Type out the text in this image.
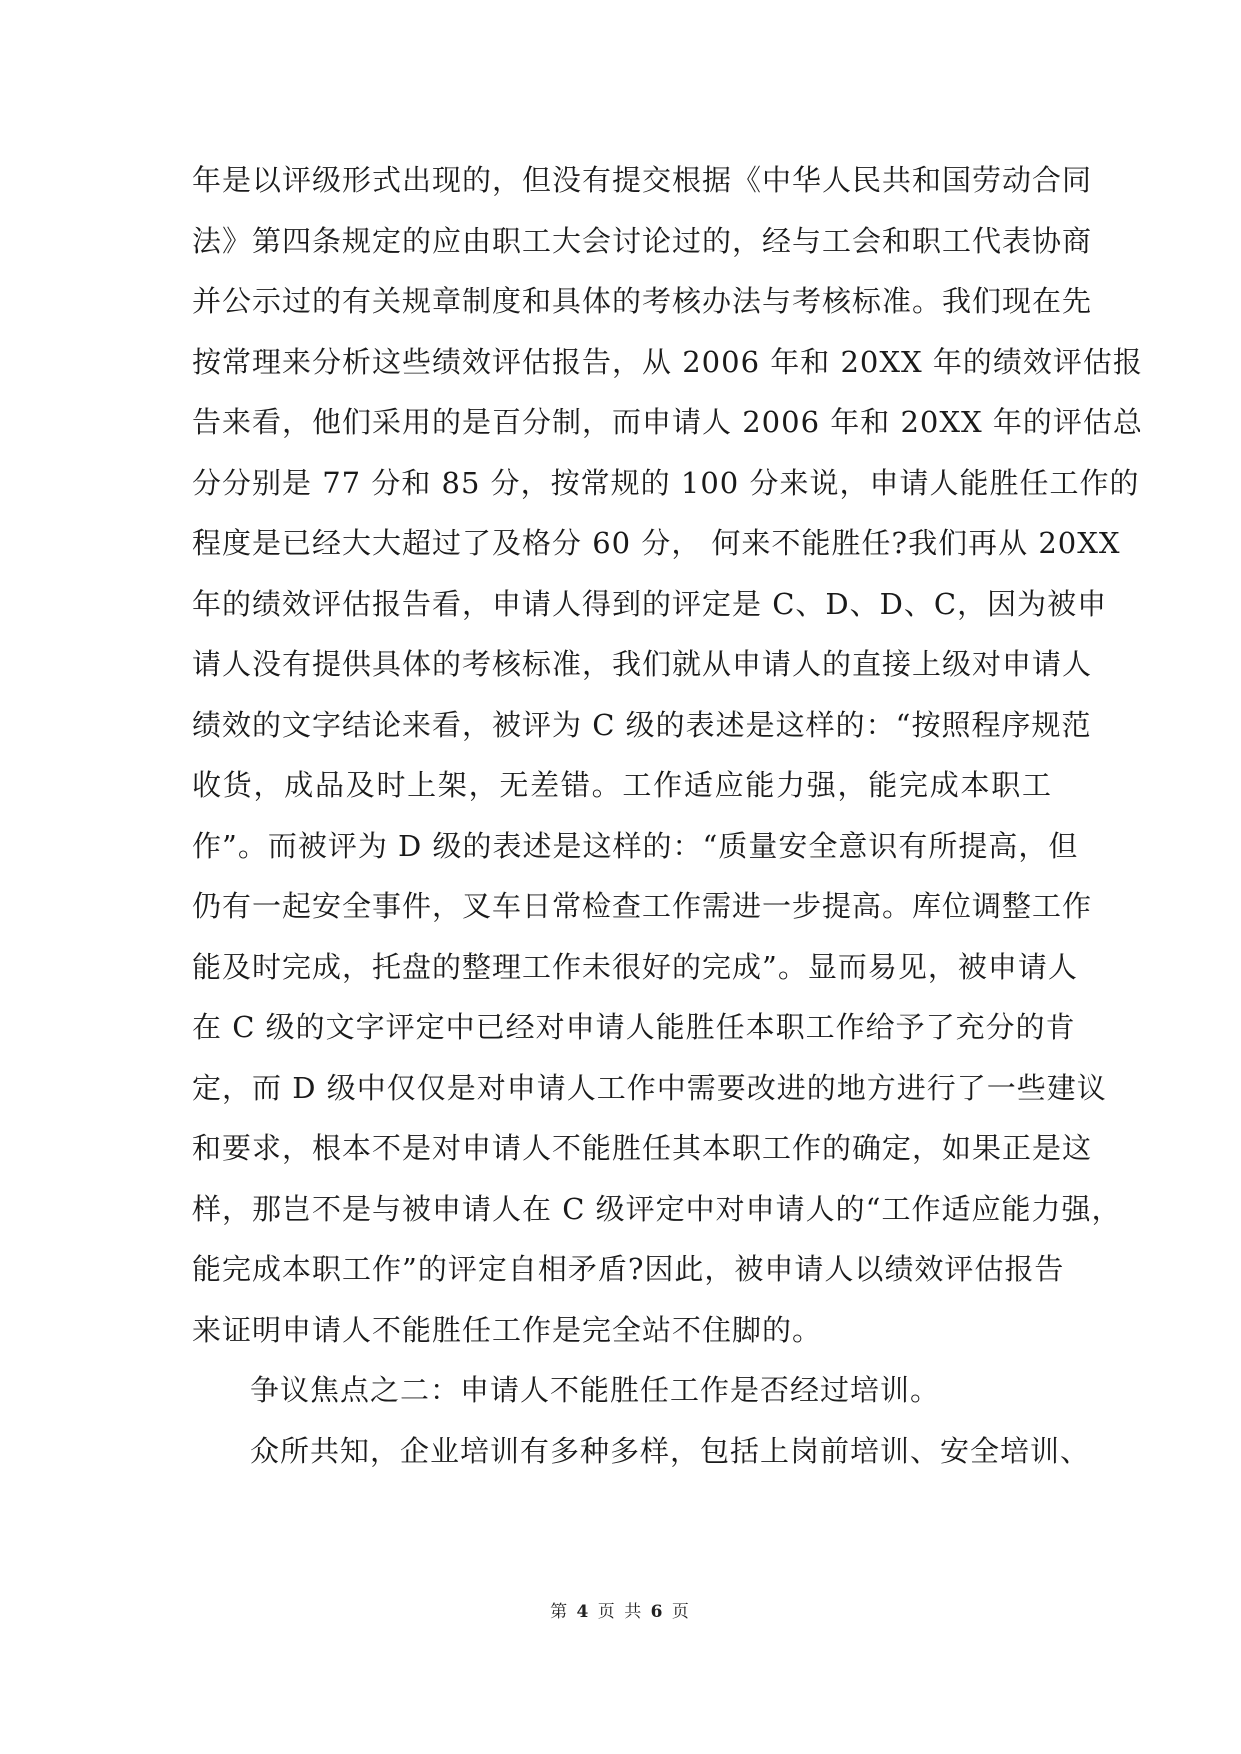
年是以评级形式出现的，但没有提交根据《中华人民共和国劳动合同
法》第四条规定的应由职工大会讨论过的，经与工会和职工代表协商
并公示过的有关规章制度和具体的考核办法与考核标准。我们现在先
按常理来分析这些绩效评估报告，从 2006 年和 20XX 年的绩效评估报
告来看，他们采用的是百分制，而申请人 2006 年和 20XX 年的评估总
分分别是 77 分和 85 分，按常规的 100 分来说，申请人能胜任工作的
程度是已经大大超过了及格分 60 分， 何来不能胜任?我们再从 20XX
年的绩效评估报告看，申请人得到的评定是 C、D、D、C，因为被申
请人没有提供具体的考核标准，我们就从申请人的直接上级对申请人
绩效的文字结论来看，被评为 C 级的表述是这样的：“按照程序规范
收货，成品及时上架，无差错。工作适应能力强，能完成本职工
作”。而被评为 D 级的表述是这样的：“质量安全意识有所提高，但
仍有一起安全事件，叉车日常检查工作需进一步提高。库位调整工作
能及时完成，托盘的整理工作未很好的完成”。显而易见，被申请人
在 C 级的文字评定中已经对申请人能胜任本职工作给予了充分的肯
定，而 D 级中仅仅是对申请人工作中需要改进的地方进行了一些建议
和要求，根本不是对申请人不能胜任其本职工作的确定，如果正是这
样，那岂不是与被申请人在 C 级评定中对申请人的“工作适应能力强，
能完成本职工作”的评定自相矛盾?因此，被申请人以绩效评估报告
来证明申请人不能胜任工作是完全站不住脚的。
争议焦点之二：申请人不能胜任工作是否经过培训。
众所共知，企业培训有多种多样，包括上岗前培训、安全培训、
第 4 页 共 6 页
